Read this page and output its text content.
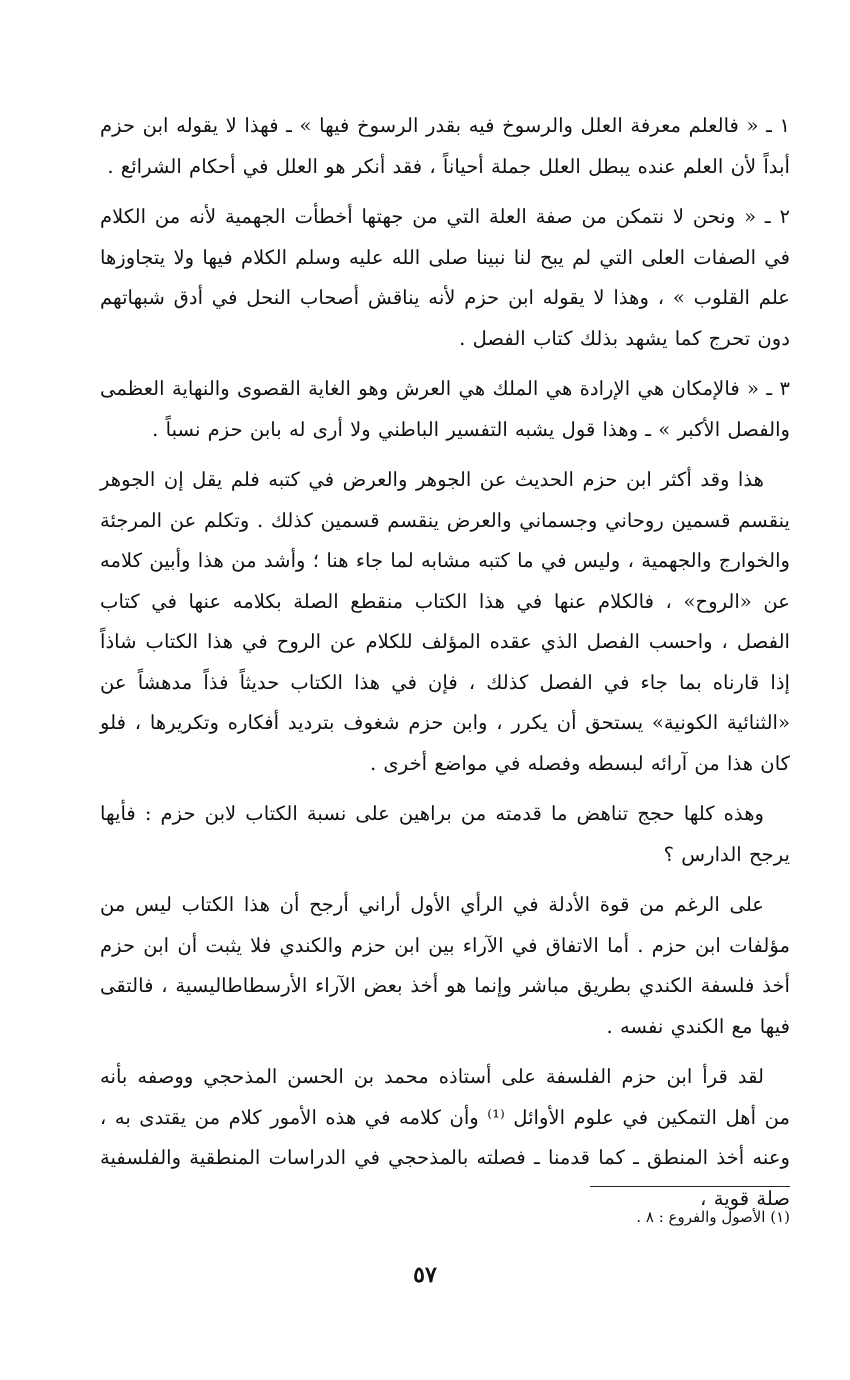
١ ـ « فالعلم معرفة العلل والرسوخ فيه بقدر الرسوخ فيها » ـ فهذا لا يقوله ابن حزم أبداً لأن العلم عنده يبطل العلل جملة أحياناً ، فقد أنكر هو العلل في أحكام الشرائع .

٢ ـ « ونحن لا نتمكن من صفة العلة التي من جهتها أخطأت الجهمية لأنه من الكلام في الصفات العلى التي لم يبح لنا نبينا صلى الله عليه وسلم الكلام فيها ولا يتجاوزها علم القلوب » ، وهذا لا يقوله ابن حزم لأنه يناقش أصحاب النحل في أدق شبهاتهم دون تحرج كما يشهد بذلك كتاب الفصل .

٣ ـ « فالإمكان هي الإرادة هي الملك هي العرش وهو الغاية القصوى والنهاية العظمى والفصل الأكبر » ـ وهذا قول يشبه التفسير الباطني ولا أرى له بابن حزم نسباً .

هذا وقد أكثر ابن حزم الحديث عن الجوهر والعرض في كتبه فلم يقل إن الجوهر ينقسم قسمين روحاني وجسماني والعرض ينقسم قسمين كذلك . وتكلم عن المرجئة والخوارج والجهمية ، وليس في ما كتبه مشابه لما جاء هنا ؛ وأشد من هذا وأبين كلامه عن «الروح» ، فالكلام عنها في هذا الكتاب منقطع الصلة بكلامه عنها في كتاب الفصل ، واحسب الفصل الذي عقده المؤلف للكلام عن الروح في هذا الكتاب شاذاً إذا قارناه بما جاء في الفصل كذلك ، فإن في هذا الكتاب حديثاً فذاً مدهشاً عن «الثنائية الكونية» يستحق أن يكرر ، وابن حزم شغوف بترديد أفكاره وتكريرها ، فلو كان هذا من آرائه لبسطه وفصله في مواضع أخرى .

وهذه كلها حجج تناهض ما قدمته من براهين على نسبة الكتاب لابن حزم : فأيها يرجح الدارس ؟

على الرغم من قوة الأدلة في الرأي الأول أراني أرجح أن هذا الكتاب ليس من مؤلفات ابن حزم . أما الاتفاق في الآراء بين ابن حزم والكندي فلا يثبت أن ابن حزم أخذ فلسفة الكندي بطريق مباشر وإنما هو أخذ بعض الآراء الأرسطاطاليسية ، فالتقى فيها مع الكندي نفسه .

لقد قرأ ابن حزم الفلسفة على أستاذه محمد بن الحسن المذحجي ووصفه بأنه من أهل التمكين في علوم الأوائل ⁽¹⁾ وأن كلامه في هذه الأمور كلام من يقتدى به ، وعنه أخذ المنطق ـ كما قدمنا ـ فصلته بالمذحجي في الدراسات المنطقية والفلسفية صلة قوية ،

(١) الأصول والفروع : ٨ .
٥٧
